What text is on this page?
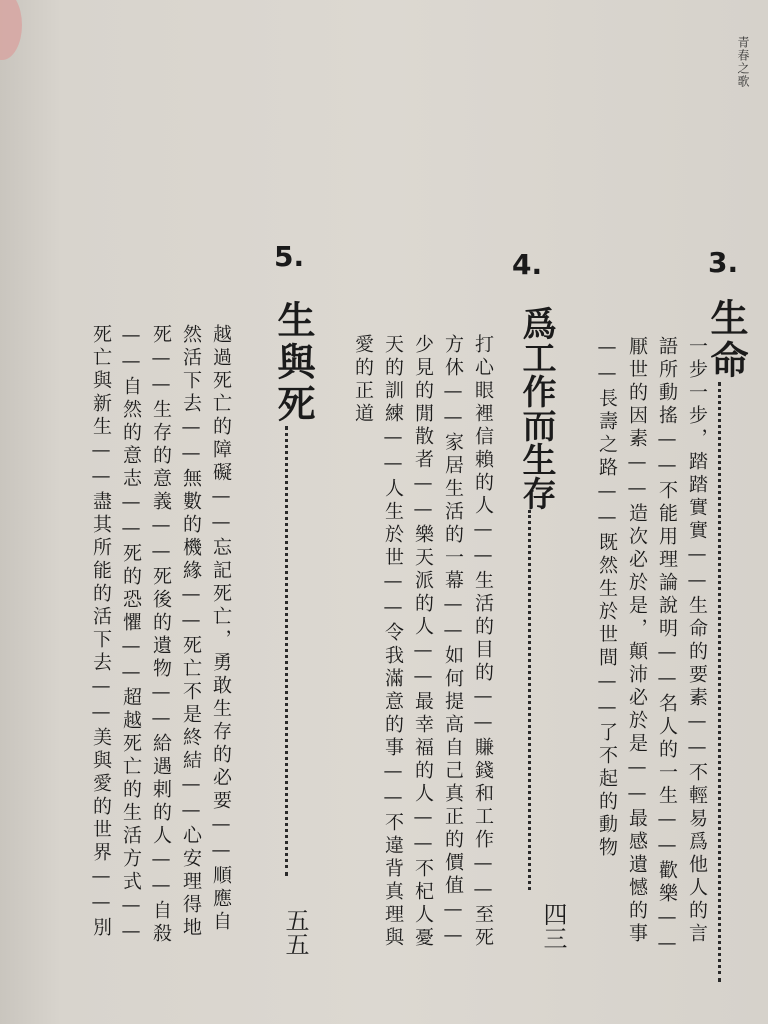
青春之歌
3.
生命
一步一步，踏踏實實——生命的要素——不輕易爲他人的言
語所動搖——不能用理論說明——名人的一生——歡樂——
厭世的因素——造次必於是，顛沛必於是——最感遺憾的事
——長壽之路——既然生於世間——了不起的動物
4.
爲工作而生存
四三
打心眼裡信賴的人——生活的目的——賺錢和工作——至死
方休——家居生活的一幕——如何提高自己真正的價值——
少見的閒散者——樂天派的人——最幸福的人——不杞人憂
天的訓練——人生於世——令我滿意的事——不違背真理與
愛的正道
5.
生與死
五五
越過死亡的障礙——忘記死亡，勇敢生存的必要——順應自
然活下去——無數的機緣——死亡不是終結——心安理得地
死——生存的意義——死後的遺物——給遇剌的人——自殺
——自然的意志——死的恐懼——超越死亡的生活方式——
死亡與新生——盡其所能的活下去——美與愛的世界——別
